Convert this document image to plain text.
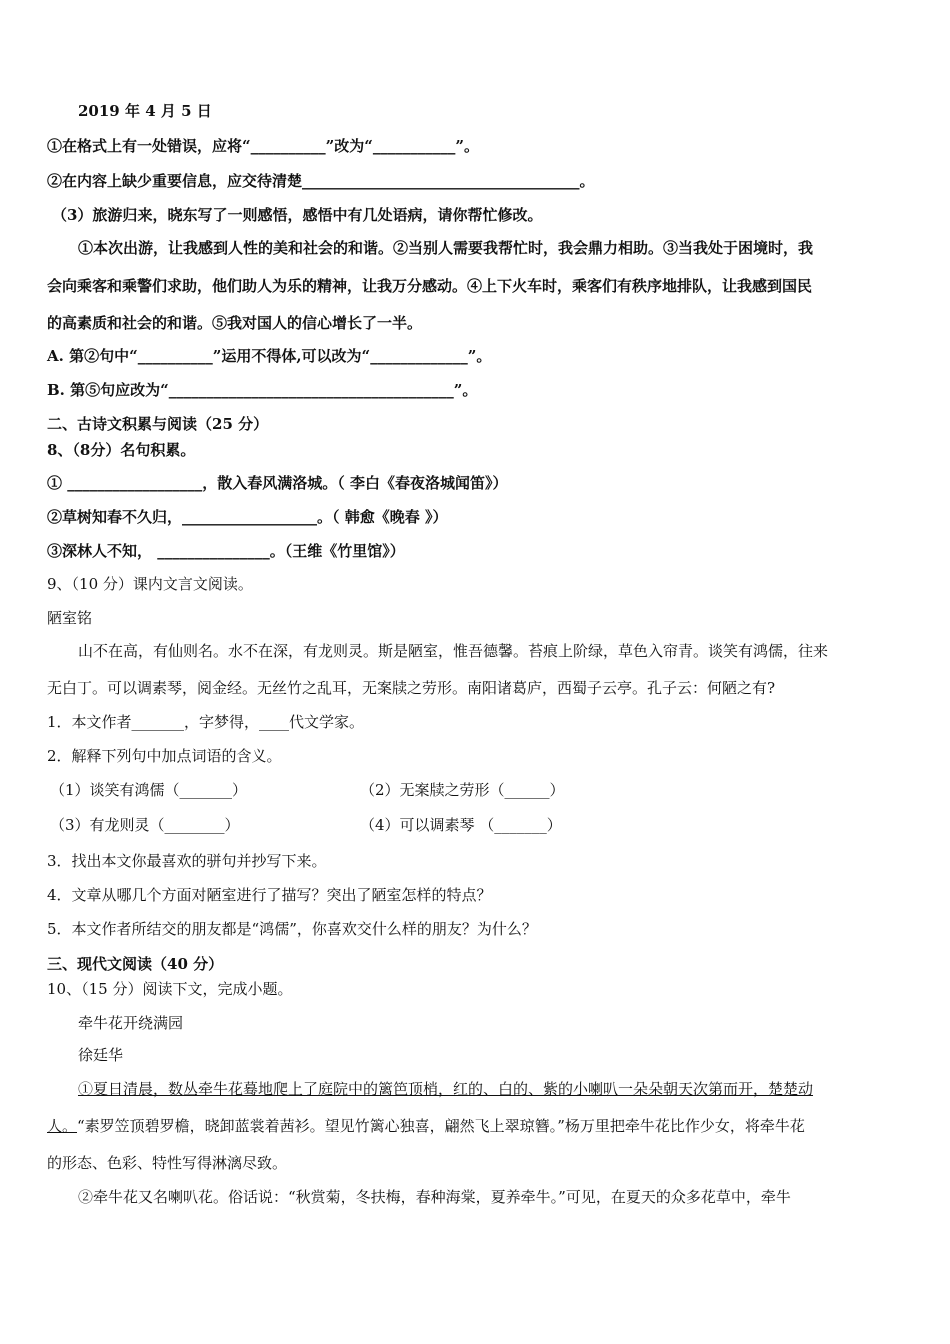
2019 年 4 月 5 日
①在格式上有一处错误，应将“__________”改为“___________”。
②在内容上缺少重要信息，应交待清楚_____________________________________。
（3）旅游归来，晓东写了一则感悟，感悟中有几处语病，请你帮忙修改。
①本次出游，让我感到人性的美和社会的和谐。②当别人需要我帮忙时，我会鼎力相助。③当我处于困境时，我
会向乘客和乘警们求助，他们助人为乐的精神，让我万分感动。④上下火车时，乘客们有秩序地排队，让我感到国民
的高素质和社会的和谐。⑤我对国人的信心增长了一半。
A. 第②句中“__________”运用不得体,可以改为“_____________”。
B. 第⑤句应改为“______________________________________”。
二、古诗文积累与阅读（25 分）
8、（8分）名句积累。
① __________________，散入春风满洛城。（ 李白《春夜洛城闻笛》）
②草树知春不久归，__________________。（ 韩愈《晚春 》）
③深林人不知， _______________。（王维《竹里馆》）
9、（10 分）课内文言文阅读。
陋室铭
山不在高，有仙则名。水不在深，有龙则灵。斯是陋室，惟吾德馨。苔痕上阶绿，草色入帘青。谈笑有鸿儒，往来
无白丁。可以调素琴，阅金经。无丝竹之乱耳，无案牍之劳形。南阳诸葛庐，西蜀子云亭。孔子云：何陋之有?
1．本文作者_______，字梦得，____代文学家。
2．解释下列句中加点词语的含义。
（1）谈笑有鸿儒（_______）	（2）无案牍之劳形（______）
（3）有龙则灵（________）	（4）可以调素琴 （_______）
3．找出本文你最喜欢的骈句并抄写下来。
4．文章从哪几个方面对陋室进行了描写？突出了陋室怎样的特点？
5．本文作者所结交的朋友都是“鸿儒”，你喜欢交什么样的朋友？为什么？
三、现代文阅读（40 分）
10、（15 分）阅读下文，完成小题。
牵牛花开绕满园
徐廷华
①夏日清晨，数丛牵牛花蓦地爬上了庭院中的篱笆顶梢，红的、白的、紫的小喇叭一朵朵朝天次第而开，楚楚动
人。“素罗笠顶碧罗檐，晓卸蓝裳着茜衫。望见竹篱心独喜，翩然飞上翠琼簪。”杨万里把牵牛花比作少女，将牵牛花
的形态、色彩、特性写得淋漓尽致。
②牵牛花又名喇叭花。俗话说：“秋赏菊，冬扶梅，春种海棠，夏养牵牛。”可见，在夏天的众多花草中，牵牛
